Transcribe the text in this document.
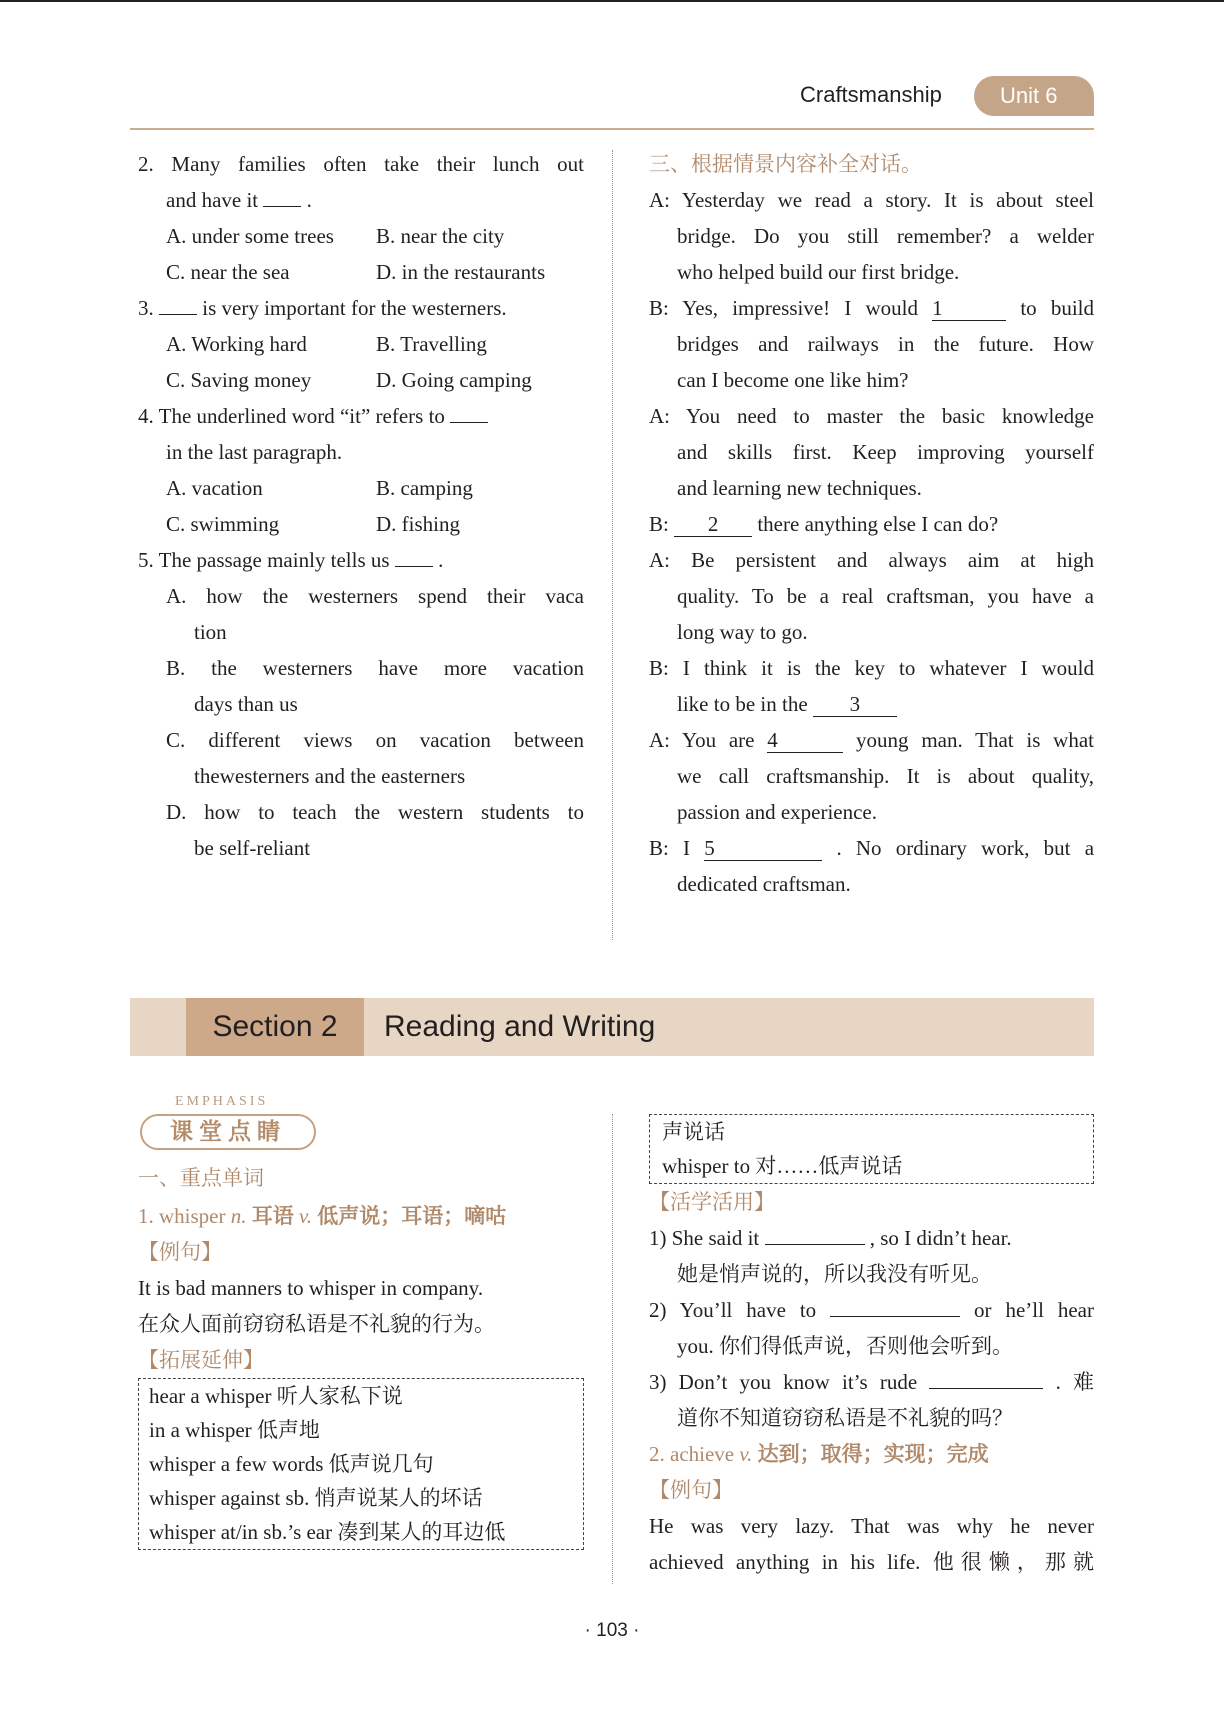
Craftsmanship	Unit 6

2. Many families often take their lunch out

and have it .

A. under some trees	B. near the city
C. near the sea	D. in the restaurants

3. is very important for the westerners.

A. Working hard	B. Travelling
C. Saving money	D. Going camping

4. The underlined word “it” refers to

in the last paragraph.

A. vacation	B. camping
C. swimming	D. fishing

5. The passage mainly tells us .

A. how the westerners spend their vaca

tion

B. the westerners have more vacation

days than us

C. different views on vacation between

thewesterners and the easterners

D. how to teach the western students to

be self-reliant

三、根据情景内容补全对话。

A: Yesterday we read a story. It is about steel

bridge. Do you still remember? a welder

who helped build our first bridge.

B: Yes, impressive! I would 1	to build

bridges and railways in the future. How

can I become one like him?

A: You need to master the basic knowledge

and skills first. Keep improving yourself

and learning new techniques.

B: 2 there anything else I can do?

A: Be persistent and always aim at high

quality. To be a real craftsman, you have a

long way to go.

B: I think it is the key to whatever I would

like to be in the 3

A: You are 4	young man. That is what

we call craftsmanship. It is about quality,

passion and experience.

B: I 5	. No ordinary work, but a

dedicated craftsman.

Section 2	Reading and Writing
EMPHASIS
课堂点睛

一、重点单词

1. whisper n. 耳语 v. 低声说；耳语；嘀咕

【例句】

It is bad manners to whisper in company.

在众人面前窃窃私语是不礼貌的行为。

【拓展延伸】

hear a whisper 听人家私下说

in a whisper 低声地

whisper a few words 低声说几句

whisper against sb. 悄声说某人的坏话

whisper at/in sb.’s ear 凑到某人的耳边低

声说话

whisper to 对……低声说话

【活学活用】

1) She said it	, so I didn’t hear.

她是悄声说的，所以我没有听见。

2) You’ll have to	or he’ll hear

you. 你们得低声说，否则他会听到。

3) Don’t you know it’s rude	. 难

道你不知道窃窃私语是不礼貌的吗？

2. achieve v. 达到；取得；实现；完成

【例句】

He was very lazy. That was why he never

achieved anything in his life. 他很懒，那就

· 103 ·
